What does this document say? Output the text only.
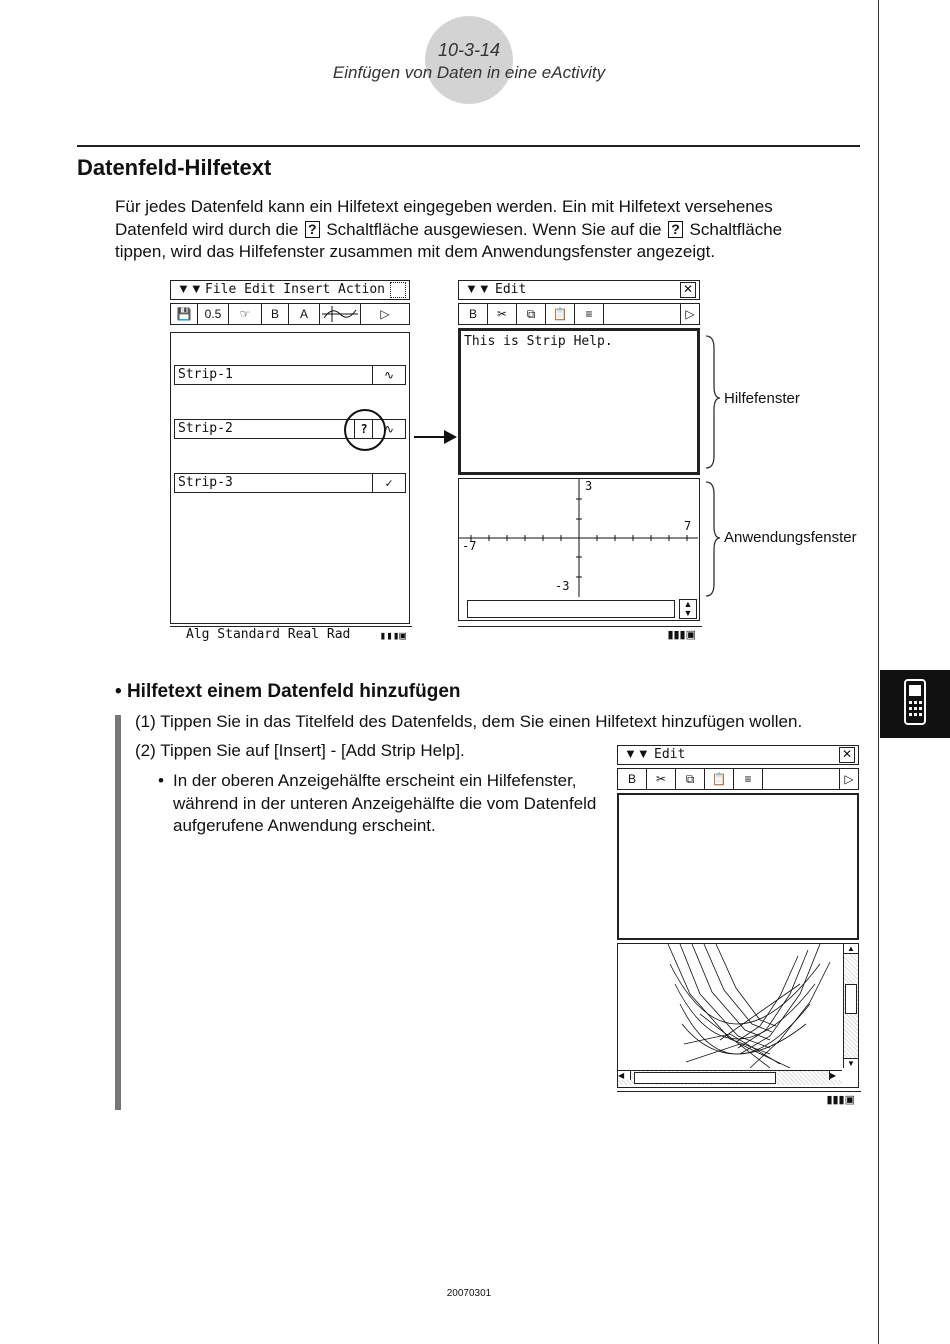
10-3-14
Einfügen von Daten in eine eActivity
Datenfeld-Hilfetext
Für jedes Datenfeld kann ein Hilfetext eingegeben werden. Ein mit Hilfetext versehenes Datenfeld wird durch die ? Schaltfläche ausgewiesen. Wenn Sie auf die ? Schaltfläche tippen, wird das Hilfefenster zusammen mit dem Anwendungsfenster angezeigt.
▼▼ File Edit Insert Action
💾	0.5	☞	B	A	▷
Strip-1	∿
Strip-2	?	∿
Strip-3	✓
Alg Standard Real Rad	▮▮▮▣
▼▼ Edit	✕
B	✂	⧉	📋	≡	▷
This is Strip Help.
3
7
-7
-3
▲
▼
▮▮▮▣
Hilfefenster
Anwendungsfenster
• Hilfetext einem Datenfeld hinzufügen
(1) Tippen Sie in das Titelfeld des Datenfelds, dem Sie einen Hilfetext hinzufügen wollen.
(2) Tippen Sie auf [Insert] - [Add Strip Help].
• In der oberen Anzeigehälfte erscheint ein Hilfefenster, während in der unteren Anzeigehälfte die vom Datenfeld aufgerufene Anwendung erscheint.
▼▼ Edit	✕
B	✂	⧉	📋	≡	▷
▲
▼
◀	▶
▮▮▮▣
20070301
